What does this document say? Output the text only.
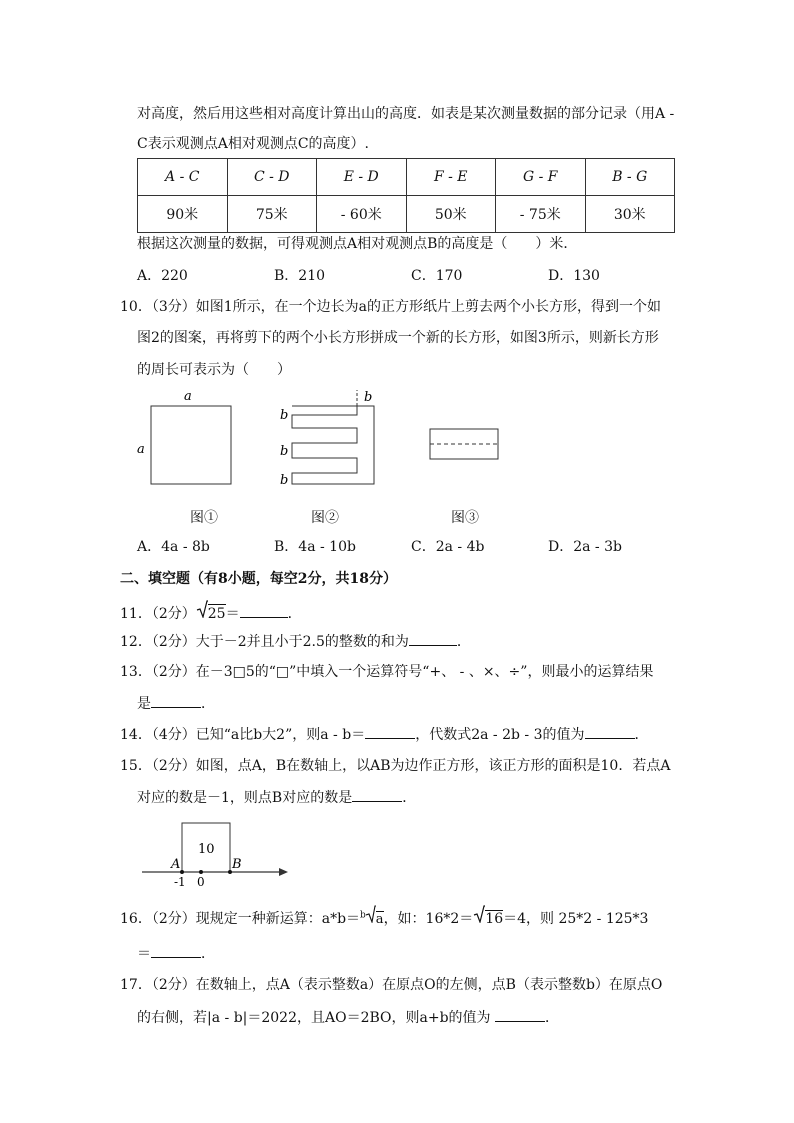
对高度，然后用这些相对高度计算出山的高度．如表是某次测量数据的部分记录（用A -
C表示观测点A相对观测点C的高度）.
A - C	C - D	E - D	F - E	G - F	B - G
90米	75米	- 60米	50米	- 75米	30米
根据这次测量的数据，可得观测点A相对观测点B的高度是（　　）米．
A．220	B．210	C．170	D．130
10．（3分）如图1所示，在一个边长为a的正方形纸片上剪去两个小长方形，得到一个如
图2的图案，再将剪下的两个小长方形拼成一个新的长方形，如图3所示，则新长方形
的周长可表示为（　　）
a
a
b
b
b
b
图①	图②	图③
A．4a - 8b	B．4a - 10b	C．2a - 4b	D．2a - 3b
二、填空题（有8小题，每空2分，共18分）
11．（2分） 25＝	．
12．（2分）大于－2并且小于2.5的整数的和为	．
13．（2分）在－3□5的“□”中填入一个运算符号“+、 - 、×、÷”，则最小的运算结果
是	．
14．（4分）已知“a比b大2”，则a - b＝	，代数式2a - 2b - 3的值为	．
15．（2分）如图，点A，B在数轴上，以AB为边作正方形，该正方形的面积是10．若点A
对应的数是－1，则点B对应的数是	．
10
A	B
-1 0
16．（2分）现规定一种新运算：a*b＝$^b$ a，如：16*2＝ 16＝4，则 25*2 - 125*3
＝	．
17．（2分）在数轴上，点A（表示整数a）在原点O的左侧，点B（表示整数b）在原点O
的右侧，若|a - b|＝2022，且AO＝2BO，则a+b的值为	．
